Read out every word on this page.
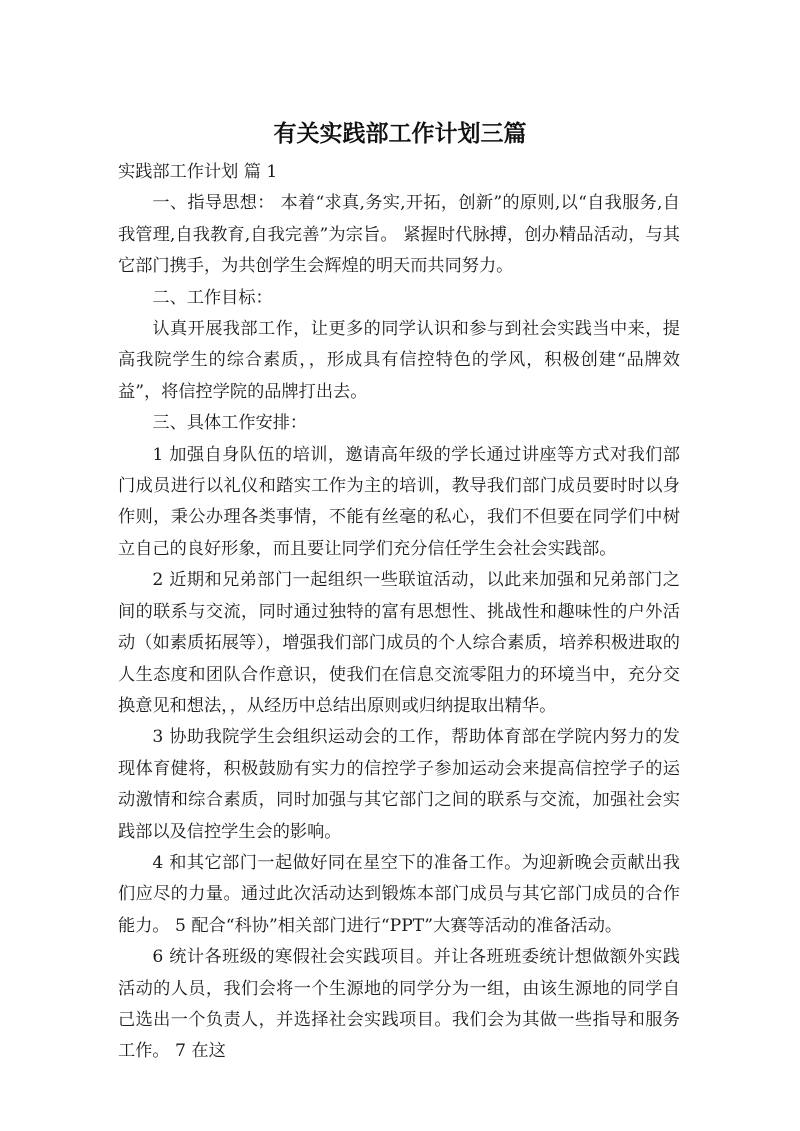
有关实践部工作计划三篇

实践部工作计划 篇 1

一、指导思想： 本着“求真,务实,开拓，创新”的原则,以“自我服务,自我管理,自我教育,自我完善”为宗旨。 紧握时代脉搏，创办精品活动，与其它部门携手，为共创学生会辉煌的明天而共同努力。

二、工作目标：

认真开展我部工作，让更多的同学认识和参与到社会实践当中来，提高我院学生的综合素质，，形成具有信控特色的学风，积极创建“品牌效益”，将信控学院的品牌打出去。

三、具体工作安排：

1 加强自身队伍的培训，邀请高年级的学长通过讲座等方式对我们部门成员进行以礼仪和踏实工作为主的培训，教导我们部门成员要时时以身作则，秉公办理各类事情，不能有丝毫的私心，我们不但要在同学们中树立自己的良好形象，而且要让同学们充分信任学生会社会实践部。

2 近期和兄弟部门一起组织一些联谊活动，以此来加强和兄弟部门之间的联系与交流，同时通过独特的富有思想性、挑战性和趣味性的户外活动（如素质拓展等），增强我们部门成员的个人综合素质，培养积极进取的人生态度和团队合作意识，使我们在信息交流零阻力的环境当中，充分交换意见和想法，，从经历中总结出原则或归纳提取出精华。

3 协助我院学生会组织运动会的工作，帮助体育部在学院内努力的发现体育健将，积极鼓励有实力的信控学子参加运动会来提高信控学子的运动激情和综合素质，同时加强与其它部门之间的联系与交流，加强社会实践部以及信控学生会的影响。

4 和其它部门一起做好同在星空下的准备工作。为迎新晚会贡献出我们应尽的力量。通过此次活动达到锻炼本部门成员与其它部门成员的合作能力。 5 配合“科协”相关部门进行“PPT”大赛等活动的准备活动。

6 统计各班级的寒假社会实践项目。并让各班班委统计想做额外实践活动的人员，我们会将一个生源地的同学分为一组，由该生源地的同学自己选出一个负责人，并选择社会实践项目。我们会为其做一些指导和服务工作。 7 在这
